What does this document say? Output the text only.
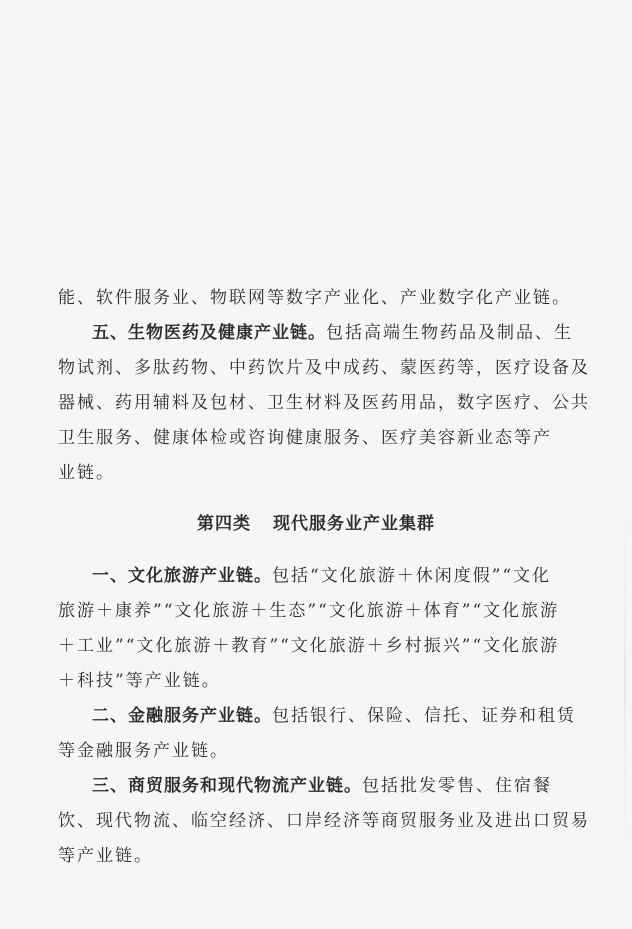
能、软件服务业、物联网等数字产业化、产业数字化产业链。
五、生物医药及健康产业链。包括高端生物药品及制品、生
物试剂、多肽药物、中药饮片及中成药、蒙医药等，医疗设备及
器械、药用辅料及包材、卫生材料及医药用品，数字医疗、公共
卫生服务、健康体检或咨询健康服务、医疗美容新业态等产
业链。
第四类 现代服务业产业集群
一、文化旅游产业链。包括“文化旅游＋休闲度假”“文化
旅游＋康养”“文化旅游＋生态”“文化旅游＋体育”“文化旅游
＋工业”“文化旅游＋教育”“文化旅游＋乡村振兴”“文化旅游
＋科技”等产业链。
二、金融服务产业链。包括银行、保险、信托、证券和租赁
等金融服务产业链。
三、商贸服务和现代物流产业链。包括批发零售、住宿餐
饮、现代物流、临空经济、口岸经济等商贸服务业及进出口贸易
等产业链。
